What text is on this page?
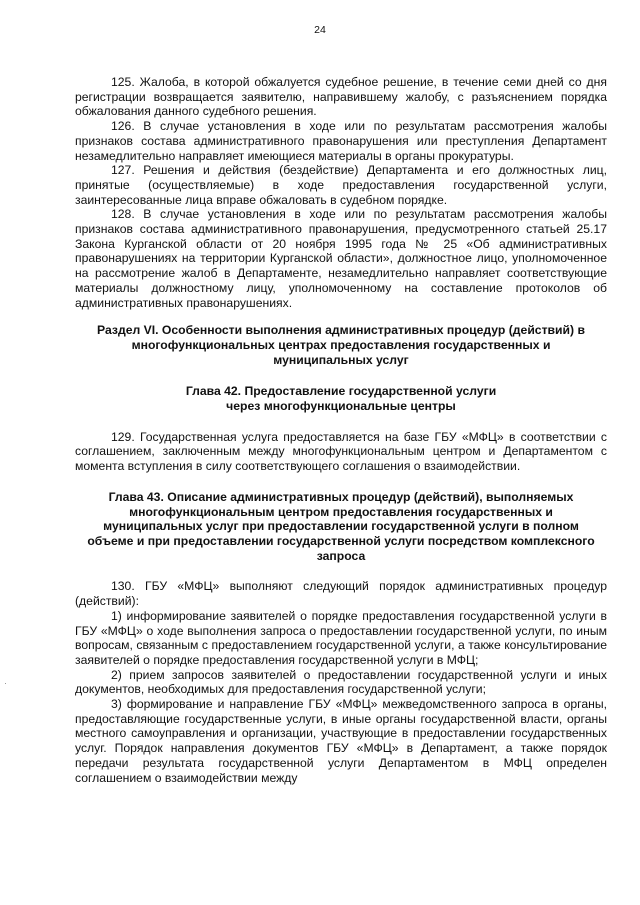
24

125. Жалоба, в которой обжалуется судебное решение, в течение семи дней со дня регистрации возвращается заявителю, направившему жалобу, с разъяснением порядка обжалования данного судебного решения.

126. В случае установления в ходе или по результатам рассмотрения жалобы признаков состава административного правонарушения или преступления Департамент незамедлительно направляет имеющиеся материалы в органы прокуратуры.

127. Решения и действия (бездействие) Департамента и его должностных лиц, принятые (осуществляемые) в ходе предоставления государственной услуги, заинтересованные лица вправе обжаловать в судебном порядке.

128. В случае установления в ходе или по результатам рассмотрения жалобы признаков состава административного правонарушения, предусмотренного статьей 25.17 Закона Курганской области от 20 ноября 1995 года № 25 «Об административных правонарушениях на территории Курганской области», должностное лицо, уполномоченное на рассмотрение жалоб в Департаменте, незамедлительно направляет соответствующие материалы должностному лицу, уполномоченному на составление протоколов об административных правонарушениях.

Раздел VI. Особенности выполнения административных процедур (действий) в многофункциональных центрах предоставления государственных и муниципальных услуг

Глава 42. Предоставление государственной услуги
через многофункциональные центры

129. Государственная услуга предоставляется на базе ГБУ «МФЦ» в соответствии с соглашением, заключенным между многофункциональным центром и Департаментом с момента вступления в силу соответствующего соглашения о взаимодействии.

Глава 43. Описание административных процедур (действий), выполняемых многофункциональным центром предоставления государственных и муниципальных услуг при предоставлении государственной услуги в полном объеме и при предоставлении государственной услуги посредством комплексного запроса

130. ГБУ «МФЦ» выполняют следующий порядок административных процедур (действий):

1) информирование заявителей о порядке предоставления государственной услуги в ГБУ «МФЦ» о ходе выполнения запроса о предоставлении государственной услуги, по иным вопросам, связанным с предоставлением государственной услуги, а также консультирование заявителей о порядке предоставления государственной услуги в МФЦ;

2) прием запросов заявителей о предоставлении государственной услуги и иных документов, необходимых для предоставления государственной услуги;

3) формирование и направление ГБУ «МФЦ» межведомственного запроса в органы, предоставляющие государственные услуги, в иные органы государственной власти, органы местного самоуправления и организации, участвующие в предоставлении государственных услуг. Порядок направления документов ГБУ «МФЦ» в Департамент, а также порядок передачи результата государственной услуги Департаментом в МФЦ определен соглашением о взаимодействии между
